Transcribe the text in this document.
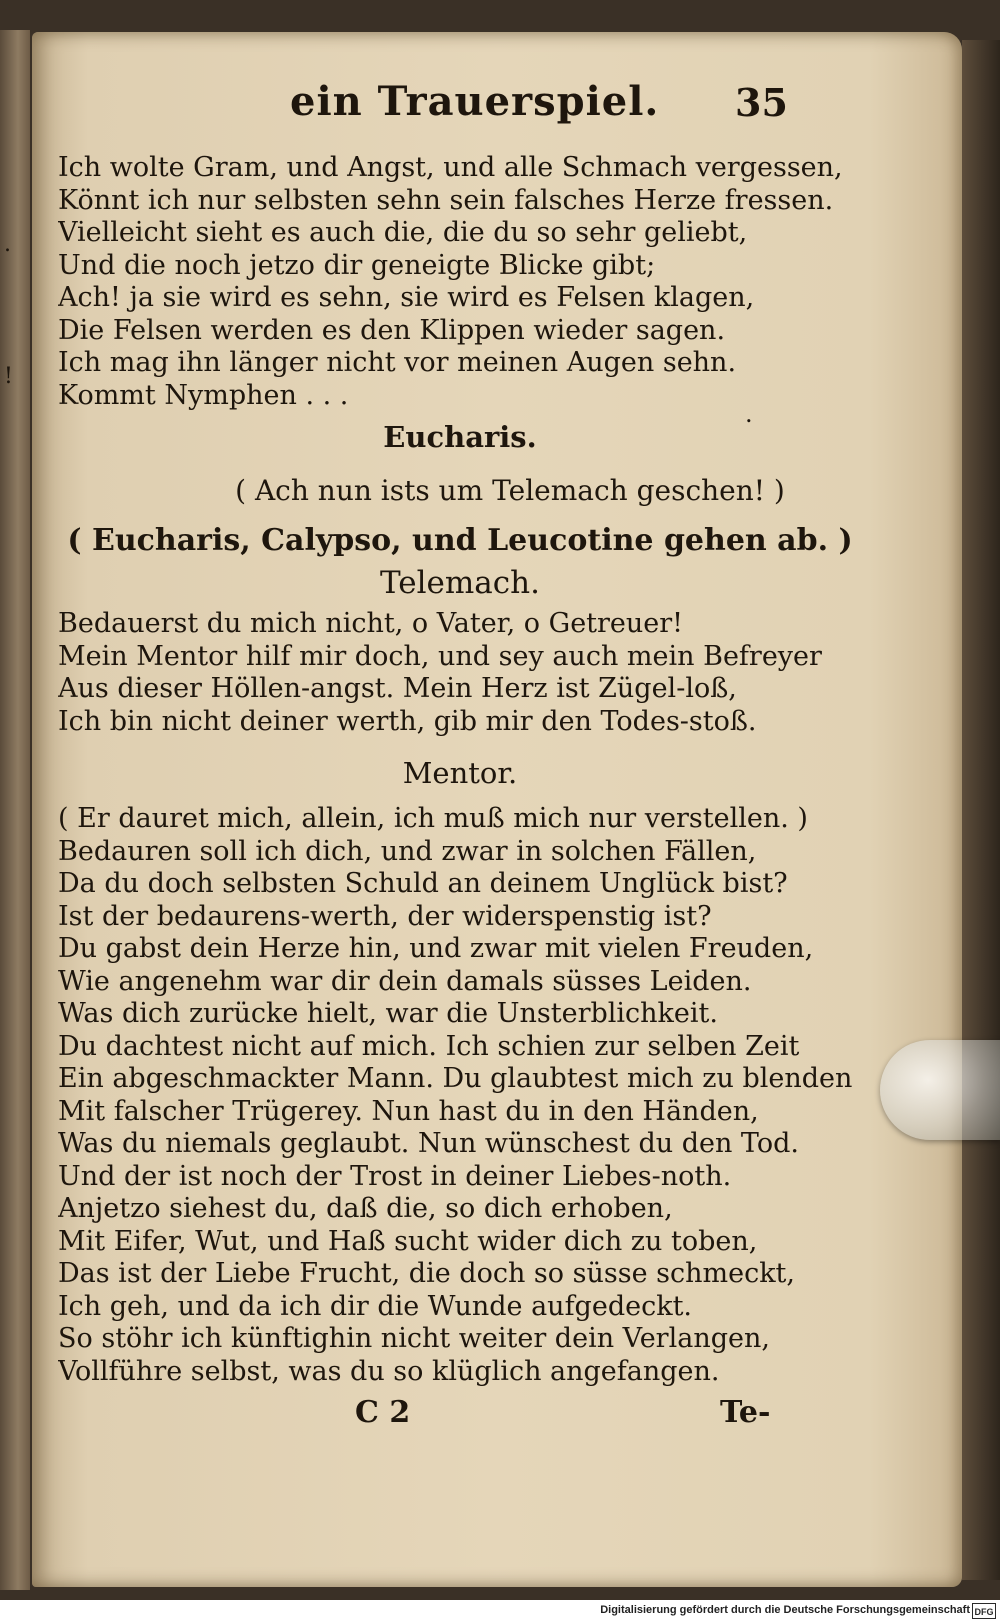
.
!
.
ein Trauerspiel. 35
Ich wolte Gram, und Angst, und alle Schmach vergessen,
Könnt ich nur selbsten sehn sein falsches Herze fressen.
Vielleicht sieht es auch die, die du so sehr geliebt,
Und die noch jetzo dir geneigte Blicke gibt;
Ach! ja sie wird es sehn, sie wird es Felsen klagen,
Die Felsen werden es den Klippen wieder sagen.
Ich mag ihn länger nicht vor meinen Augen sehn.
Kommt Nymphen . . .
Eucharis.
( Ach nun ists um Telemach geschen! )
( Eucharis, Calypso, und Leucotine gehen ab. )
Telemach.
Bedauerst du mich nicht, o Vater, o Getreuer!
Mein Mentor hilf mir doch, und sey auch mein Befreyer
Aus dieser Höllen-angst. Mein Herz ist Zügel-loß,
Ich bin nicht deiner werth, gib mir den Todes-stoß.
Mentor.
( Er dauret mich, allein, ich muß mich nur verstellen. )
Bedauren soll ich dich, und zwar in solchen Fällen,
Da du doch selbsten Schuld an deinem Unglück bist?
Ist der bedaurens-werth, der widerspenstig ist?
Du gabst dein Herze hin, und zwar mit vielen Freuden,
Wie angenehm war dir dein damals süsses Leiden.
Was dich zurücke hielt, war die Unsterblichkeit.
Du dachtest nicht auf mich. Ich schien zur selben Zeit
Ein abgeschmackter Mann. Du glaubtest mich zu blenden
Mit falscher Trügerey. Nun hast du in den Händen,
Was du niemals geglaubt. Nun wünschest du den Tod.
Und der ist noch der Trost in deiner Liebes-noth.
Anjetzo siehest du, daß die, so dich erhoben,
Mit Eifer, Wut, und Haß sucht wider dich zu toben,
Das ist der Liebe Frucht, die doch so süsse schmeckt,
Ich geh, und da ich dir die Wunde aufgedeckt.
So stöhr ich künftighin nicht weiter dein Verlangen,
Vollführe selbst, was du so klüglich angefangen.
C 2	Te-
Digitalisierung gefördert durch die Deutsche Forschungsgemeinschaft DFG
